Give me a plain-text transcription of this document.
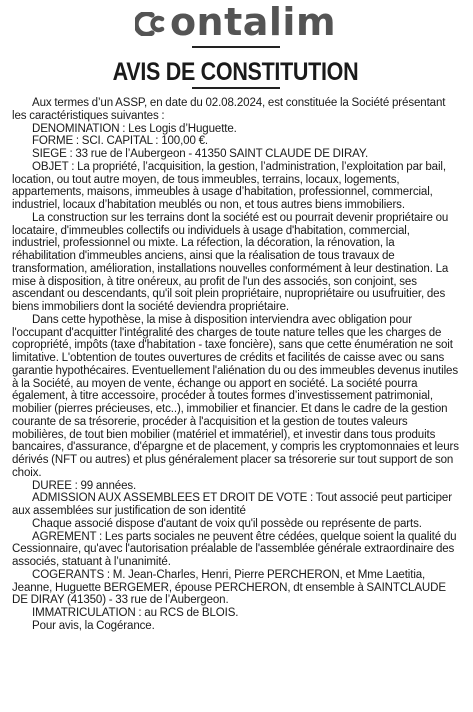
ontalim
AVIS DE CONSTITUTION

Aux termes d’un ASSP, en date du 02.08.2024, est constituée la Société présentant les caractéristiques suivantes :

DENOMINATION : Les Logis d’Huguette.

FORME : SCI. CAPITAL : 100,00 €.

SIEGE : 33 rue de l’Aubergeon - 41350 SAINT CLAUDE DE DIRAY.

OBJET : La propriété, l’acquisition, la gestion, l’administration, l’exploitation par bail, location, ou tout autre moyen, de tous immeubles, terrains, locaux, logements, appartements, maisons, immeubles à usage d’habitation, professionnel, commercial, industriel, locaux d’habitation meublés ou non, et tous autres biens immobiliers.

La construction sur les terrains dont la société est ou pourrait devenir propriétaire ou locataire, d'immeubles collectifs ou individuels à usage d'habitation, commercial, industriel, professionnel ou mixte. La réfection, la décoration, la rénovation, la réhabilitation d'immeubles anciens, ainsi que la réalisation de tous travaux de transformation, amélioration, installations nouvelles conformément à leur destination. La mise à disposition, à titre onéreux, au profit de l'un des associés, son conjoint, ses ascendant ou descendants, qu'il soit plein propriétaire, nupropriétaire ou usufruitier, des biens immobiliers dont la société deviendra propriétaire.

Dans cette hypothèse, la mise à disposition interviendra avec obligation pour l'occupant d'acquitter l'intégralité des charges de toute nature telles que les charges de copropriété, impôts (taxe d'habitation - taxe foncière), sans que cette énumération ne soit limitative. L'obtention de toutes ouvertures de crédits et facilités de caisse avec ou sans garantie hypothécaires. Eventuellement l'aliénation du ou des immeubles devenus inutiles à la Société, au moyen de vente, échange ou apport en société. La société pourra également, à titre accessoire, procéder à toutes formes d’investissement patrimonial, mobilier (pierres précieuses, etc..), immobilier et financier. Et dans le cadre de la gestion courante de sa trésorerie, procéder à l'acquisition et la gestion de toutes valeurs mobilières, de tout bien mobilier (matériel et immatériel), et investir dans tous produits bancaires, d'assurance, d'épargne et de placement, y compris les cryptomonnaies et leurs dérivés (NFT ou autres) et plus généralement placer sa trésorerie sur tout support de son choix.

DUREE : 99 années.

ADMISSION AUX ASSEMBLEES ET DROIT DE VOTE : Tout associé peut participer aux assemblées sur justification de son identité

Chaque associé dispose d'autant de voix qu'il possède ou représente de parts.

AGREMENT : Les parts sociales ne peuvent être cédées, quelque soient la qualité du Cessionnaire, qu'avec l'autorisation préalable de l'assemblée générale extraordinaire des associés, statuant à l’unanimité.

COGERANTS : M. Jean-Charles, Henri, Pierre PERCHERON, et Mme Laetitia, Jeanne, Huguette BERGEMER, épouse PERCHERON, dt ensemble à SAINTCLAUDE DE DIRAY (41350) - 33 rue de l’Aubergeon.

IMMATRICULATION : au RCS de BLOIS.

Pour avis, la Cogérance.
